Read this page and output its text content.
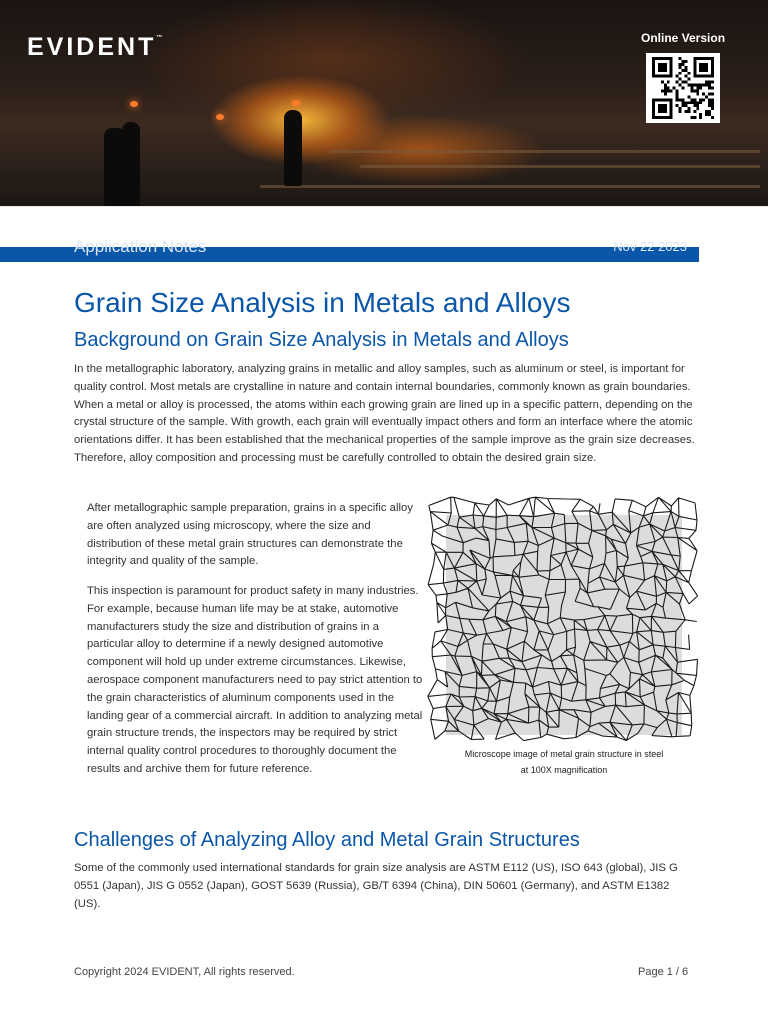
EVIDENT™	Online Version
Application Notes	Nov 22 2023
Grain Size Analysis in Metals and Alloys
Background on Grain Size Analysis in Metals and Alloys

In the metallographic laboratory, analyzing grains in metallic and alloy samples, such as aluminum or steel, is important for quality control. Most metals are crystalline in nature and contain internal boundaries, commonly known as grain boundaries. When a metal or alloy is processed, the atoms within each growing grain are lined up in a specific pattern, depending on the crystal structure of the sample. With growth, each grain will eventually impact others and form an interface where the atomic orientations differ. It has been established that the mechanical properties of the sample improve as the grain size decreases. Therefore, alloy composition and processing must be carefully controlled to obtain the desired grain size.

After metallographic sample preparation, grains in a specific alloy are often analyzed using microscopy, where the size and distribution of these metal grain structures can demonstrate the integrity and quality of the sample.

This inspection is paramount for product safety in many industries. For example, because human life may be at stake, automotive manufacturers study the size and distribution of grains in a particular alloy to determine if a newly designed automotive component will hold up under extreme circumstances. Likewise, aerospace component manufacturers need to pay strict attention to the grain characteristics of aluminum components used in the landing gear of a commercial aircraft. In addition to analyzing metal grain structure trends, the inspectors may be required by strict internal quality control procedures to thoroughly document the results and archive them for future reference.

Microscope image of metal grain structure in steel
at 100X magnification
Challenges of Analyzing Alloy and Metal Grain Structures

Some of the commonly used international standards for grain size analysis are ASTM E112 (US), ISO 643 (global), JIS G 0551 (Japan), JIS G 0552 (Japan), GOST 5639 (Russia), GB/T 6394 (China), DIN 50601 (Germany), and ASTM E1382 (US).

Copyright 2024 EVIDENT, All rights reserved.	Page 1 / 6
